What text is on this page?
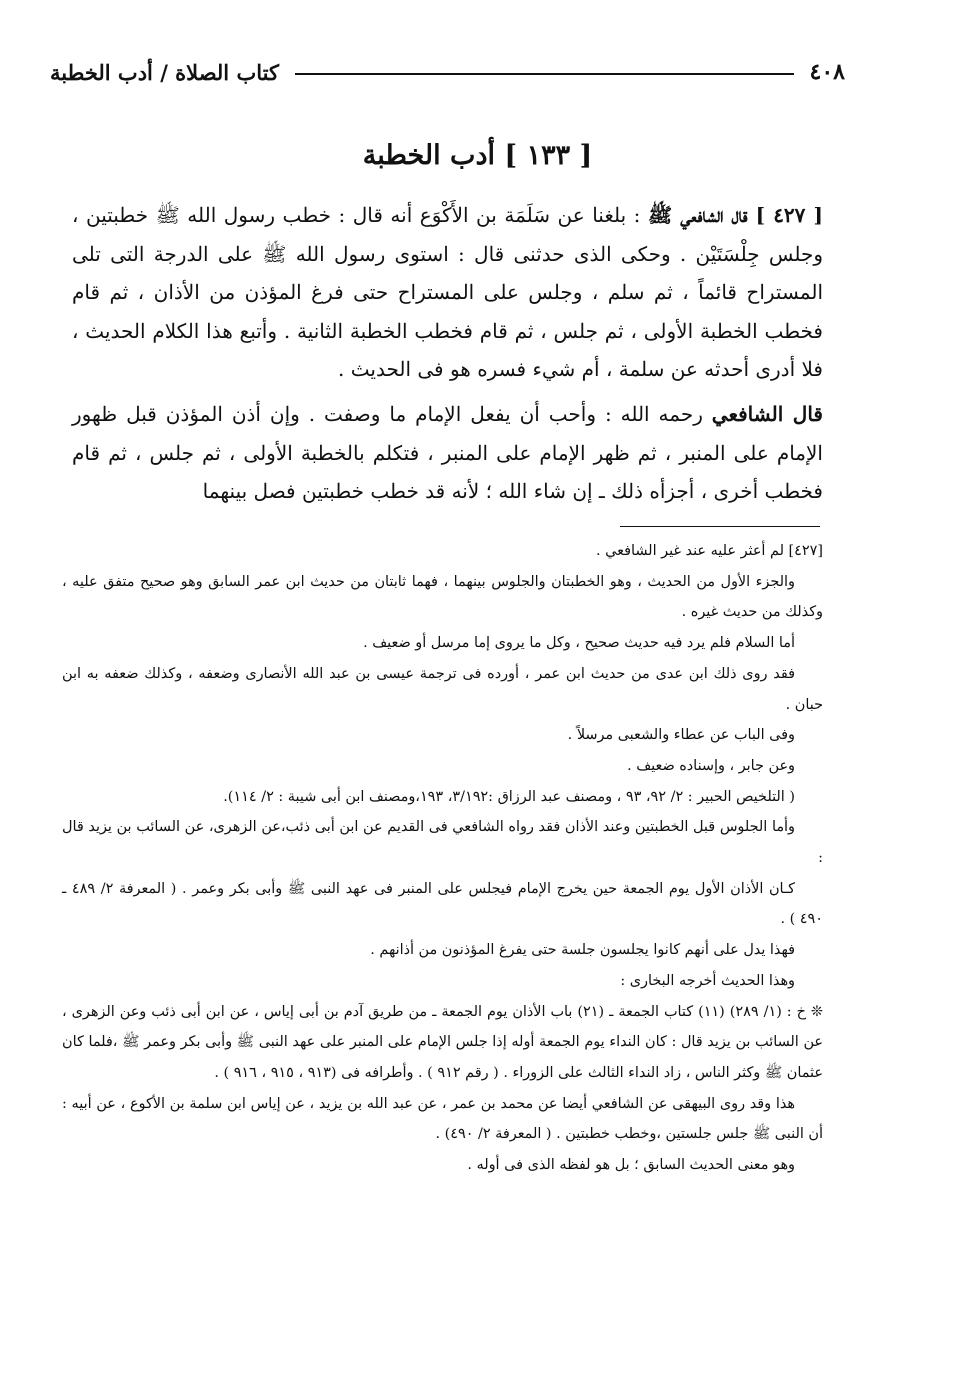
٤٠٨
كتاب الصلاة / أدب الخطبة
[ ١٣٣ ] أدب الخطبة

[ ٤٢٧ ] قال الشافعي ﷺ : بلغنا عن سَلَمَة بن الأَكْوَع أنه قال : خطب رسول الله ﷺ خطبتين ، وجلس جِلْسَتَيْن . وحكى الذى حدثنى قال : استوى رسول الله ﷺ على الدرجة التى تلى المستراح قائماً ، ثم سلم ، وجلس على المستراح حتى فرغ المؤذن من الأذان ، ثم قام فخطب الخطبة الأولى ، ثم جلس ، ثم قام فخطب الخطبة الثانية . وأتبع هذا الكلام الحديث ، فلا أدرى أحدثه عن سلمة ، أم شيء فسره هو فى الحديث .

قال الشافعي رحمه الله : وأحب أن يفعل الإمام ما وصفت . وإن أذن المؤذن قبل ظهور الإمام على المنبر ، ثم ظهر الإمام على المنبر ، فتكلم بالخطبة الأولى ، ثم جلس ، ثم قام فخطب أخرى ، أجزأه ذلك ـ إن شاء الله ؛ لأنه قد خطب خطبتين فصل بينهما

[٤٢٧] لم أعثر عليه عند غير الشافعي .

والجزء الأول من الحديث ، وهو الخطبتان والجلوس بينهما ، فهما ثابتان من حديث ابن عمر السابق وهو صحيح متفق عليه ، وكذلك من حديث غيره .

أما السلام فلم يرد فيه حديث صحيح ، وكل ما يروى إما مرسل أو ضعيف .

فقد روى ذلك ابن عدى من حديث ابن عمر ، أورده فى ترجمة عيسى بن عبد الله الأنصارى وضعفه ، وكذلك ضعفه به ابن حبان .

وفى الباب عن عطاء والشعبى مرسلاً .

وعن جابر ، وإسناده ضعيف .

( التلخيص الحبير : ٢/ ٩٢، ٩٣ ، ومصنف عبد الرزاق :٣/١٩٢، ١٩٣،ومصنف ابن أبى شيبة : ٢/ ١١٤).

وأما الجلوس قبل الخطبتين وعند الأذان فقد رواه الشافعي فى القديم عن ابن أبى ذئب،عن الزهرى، عن السائب بن يزيد قال :

كـان الأذان الأول يوم الجمعة حين يخرج الإمام فيجلس على المنبر فى عهد النبى ﷺ وأبى بكر وعمر . ( المعرفة ٢/ ٤٨٩ ـ ٤٩٠ ) .

فهذا يدل على أنهم كانوا يجلسون جلسة حتى يفرغ المؤذنون من أذانهم .

وهذا الحديث أخرجه البخارى :

❊ خ : (١/ ٢٨٩) (١١) كتاب الجمعة ـ (٢١) باب الأذان يوم الجمعة ـ من طريق آدم بن أبى إياس ، عن ابن أبى ذئب وعن الزهرى ، عن السائب بن يزيد قال : كان النداء يوم الجمعة أوله إذا جلس الإمام على المنبر على عهد النبى ﷺ وأبى بكر وعمر ﷺ ،فلما كان عثمان ﷺ وكثر الناس ، زاد النداء الثالث على الزوراء . ( رقم ٩١٢ ) . وأطرافه فى (٩١٣ ، ٩١٥ ، ٩١٦ ) .

هذا وقد روى البيهقى عن الشافعي أيضا عن محمد بن عمر ، عن عبد الله بن يزيد ، عن إياس ابن سلمة بن الأكوع ، عن أبيه : أن النبى ﷺ جلس جلستين ،وخطب خطبتين . ( المعرفة ٢/ ٤٩٠) .

وهو معنى الحديث السابق ؛ بل هو لفظه الذى فى أوله .
